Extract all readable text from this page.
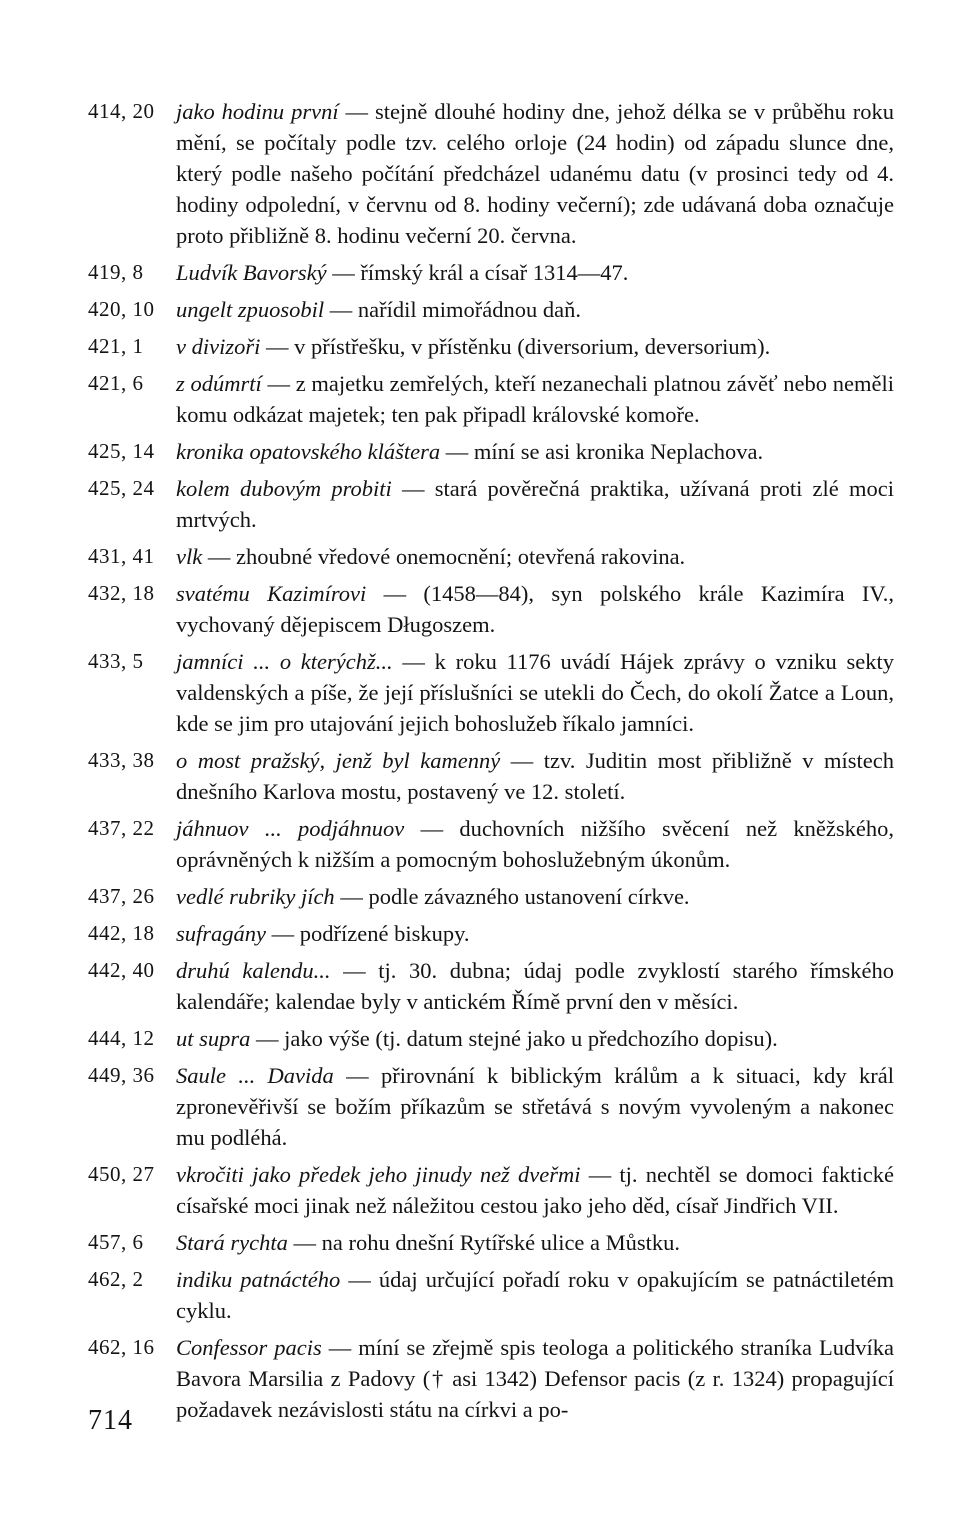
414, 20 jako hodinu první — stejně dlouhé hodiny dne, jehož délka se v průběhu roku mění, se počítaly podle tzv. celého orloje (24 hodin) od západu slunce dne, který podle našeho počítání předcházel udanému datu (v prosinci tedy od 4. hodiny odpolední, v červnu od 8. hodiny večerní); zde udávaná doba označuje proto přibližně 8. hodinu večerní 20. června.
419, 8 Ludvík Bavorský — římský král a císař 1314—47.
420, 10 ungelt zpuosobil — nařídil mimořádnou daň.
421, 1 v divizoři — v přístřešku, v přístěnku (diversorium, deversorium).
421, 6 z odúmrtí — z majetku zemřelých, kteří nezanechali platnou závěť nebo neměli komu odkázat majetek; ten pak připadl královské komoře.
425, 14 kronika opatovského kláštera — míní se asi kronika Neplachova.
425, 24 kolem dubovým probiti — stará pověrečná praktika, užívaná proti zlé moci mrtvých.
431, 41 vlk — zhoubné vředové onemocnění; otevřená rakovina.
432, 18 svatému Kazimírovi — (1458—84), syn polského krále Kazimíra IV., vychovaný dějepiscem Długoszem.
433, 5 jamníci ... o kterýchž... — k roku 1176 uvádí Hájek zprávy o vzniku sekty valdenských a píše, že její příslušníci se utekli do Čech, do okolí Žatce a Loun, kde se jim pro utajování jejich bohoslužeb říkalo jamníci.
433, 38 o most pražský, jenž byl kamenný — tzv. Juditin most přibližně v místech dnešního Karlova mostu, postavený ve 12. století.
437, 22 jáhnuov ... podjáhnuov — duchovních nižšího svěcení než kněžského, oprávněných k nižším a pomocným bohoslužebným úkonům.
437, 26 vedlé rubriky jích — podle závazného ustanovení církve.
442, 18 sufragány — podřízené biskupy.
442, 40 druhú kalendu... — tj. 30. dubna; údaj podle zvyklostí starého římského kalendáře; kalendae byly v antickém Římě první den v měsíci.
444, 12 ut supra — jako výše (tj. datum stejné jako u předchozího dopisu).
449, 36 Saule ... Davida — přirovnání k biblickým králům a k situaci, kdy král zpronevěřivší se božím příkazům se střetává s novým vyvoleným a nakonec mu podléhá.
450, 27 vkročiti jako předek jeho jinudy než dveřmi — tj. nechtěl se domoci faktické císařské moci jinak než náležitou cestou jako jeho děd, císař Jindřich VII.
457, 6 Stará rychta — na rohu dnešní Rytířské ulice a Můstku.
462, 2 indiku patnáctého — údaj určující pořadí roku v opakujícím se patnáctiletém cyklu.
462, 16 Confessor pacis — míní se zřejmě spis teologa a politického straníka Ludvíka Bavora Marsilia z Padovy († asi 1342) Defensor pacis (z r. 1324) propagující požadavek nezávislosti státu na církvi a po-
714
